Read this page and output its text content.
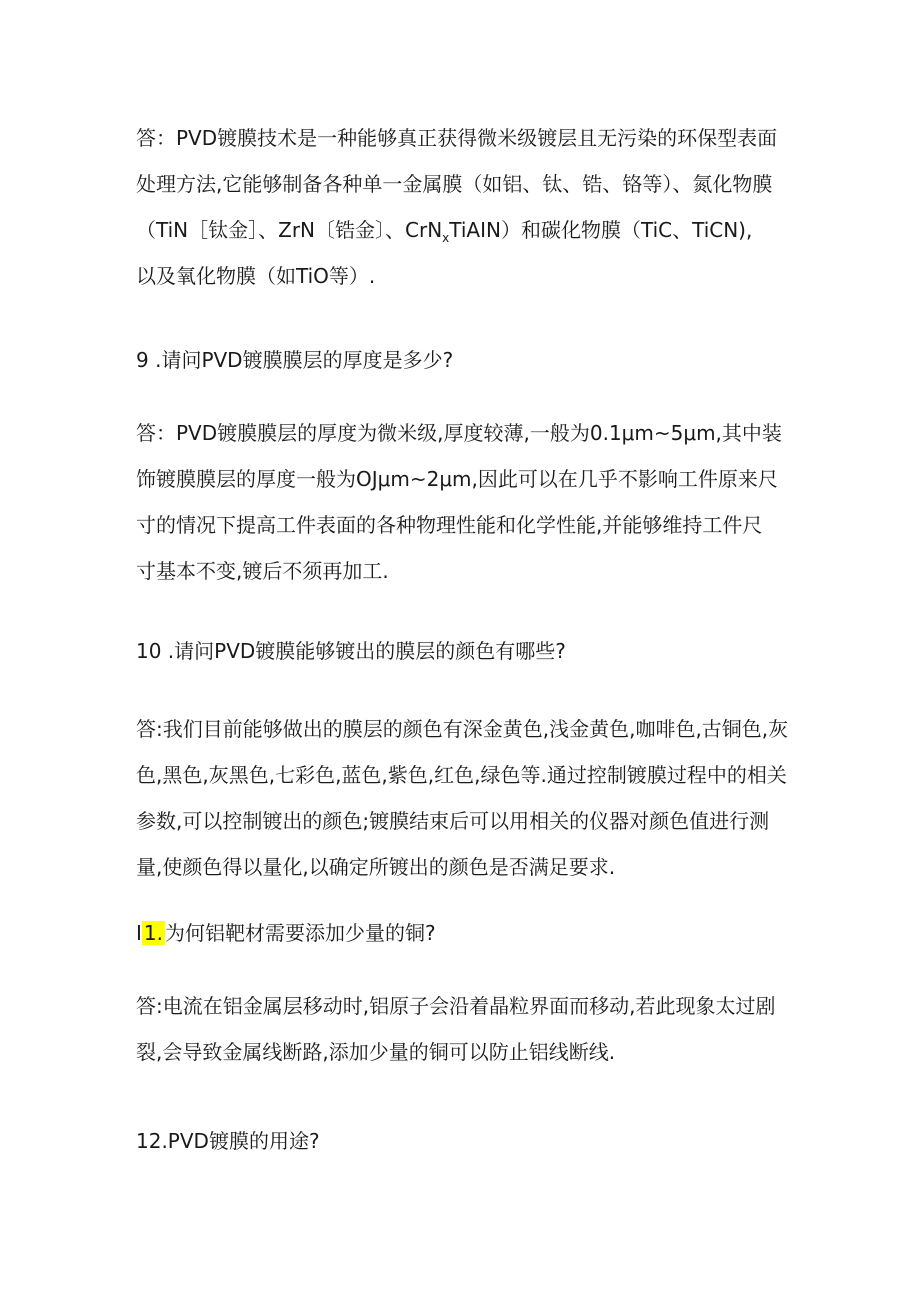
答：PVD镀膜技术是一种能够真正获得微米级镀层且无污染的环保型表面
处理方法,它能够制备各种单一金属膜（如铝、钛、锆、铬等）、氮化物膜
（TiN［钛金］、ZrN〔锆金〕、CrN$_x$TiAIN）和碳化物膜（TiC、TiCN),
以及氧化物膜（如TiO等）.
9 .请问PVD镀膜膜层的厚度是多少?
答：PVD镀膜膜层的厚度为微米级,厚度较薄,一般为0.1μm~5μm,其中装
饰镀膜膜层的厚度一般为OJμm~2μm,因此可以在几乎不影响工件原来尺
寸的情况下提高工件表面的各种物理性能和化学性能,并能够维持工件尺
寸基本不变,镀后不须再加工.
10 .请问PVD镀膜能够镀出的膜层的颜色有哪些?
答:我们目前能够做出的膜层的颜色有深金黄色,浅金黄色,咖啡色,古铜色,灰
色,黑色,灰黑色,七彩色,蓝色,紫色,红色,绿色等.通过控制镀膜过程中的相关
参数,可以控制镀出的颜色;镀膜结束后可以用相关的仪器对颜色值进行测
量,使颜色得以量化,以确定所镀出的颜色是否满足要求.
I 1. 为何铝靶材需要添加少量的铜?
答:电流在铝金属层移动时,铝原子会沿着晶粒界面而移动,若此现象太过剧
裂,会导致金属线断路,添加少量的铜可以防止铝线断线.
12.PVD镀膜的用途?
